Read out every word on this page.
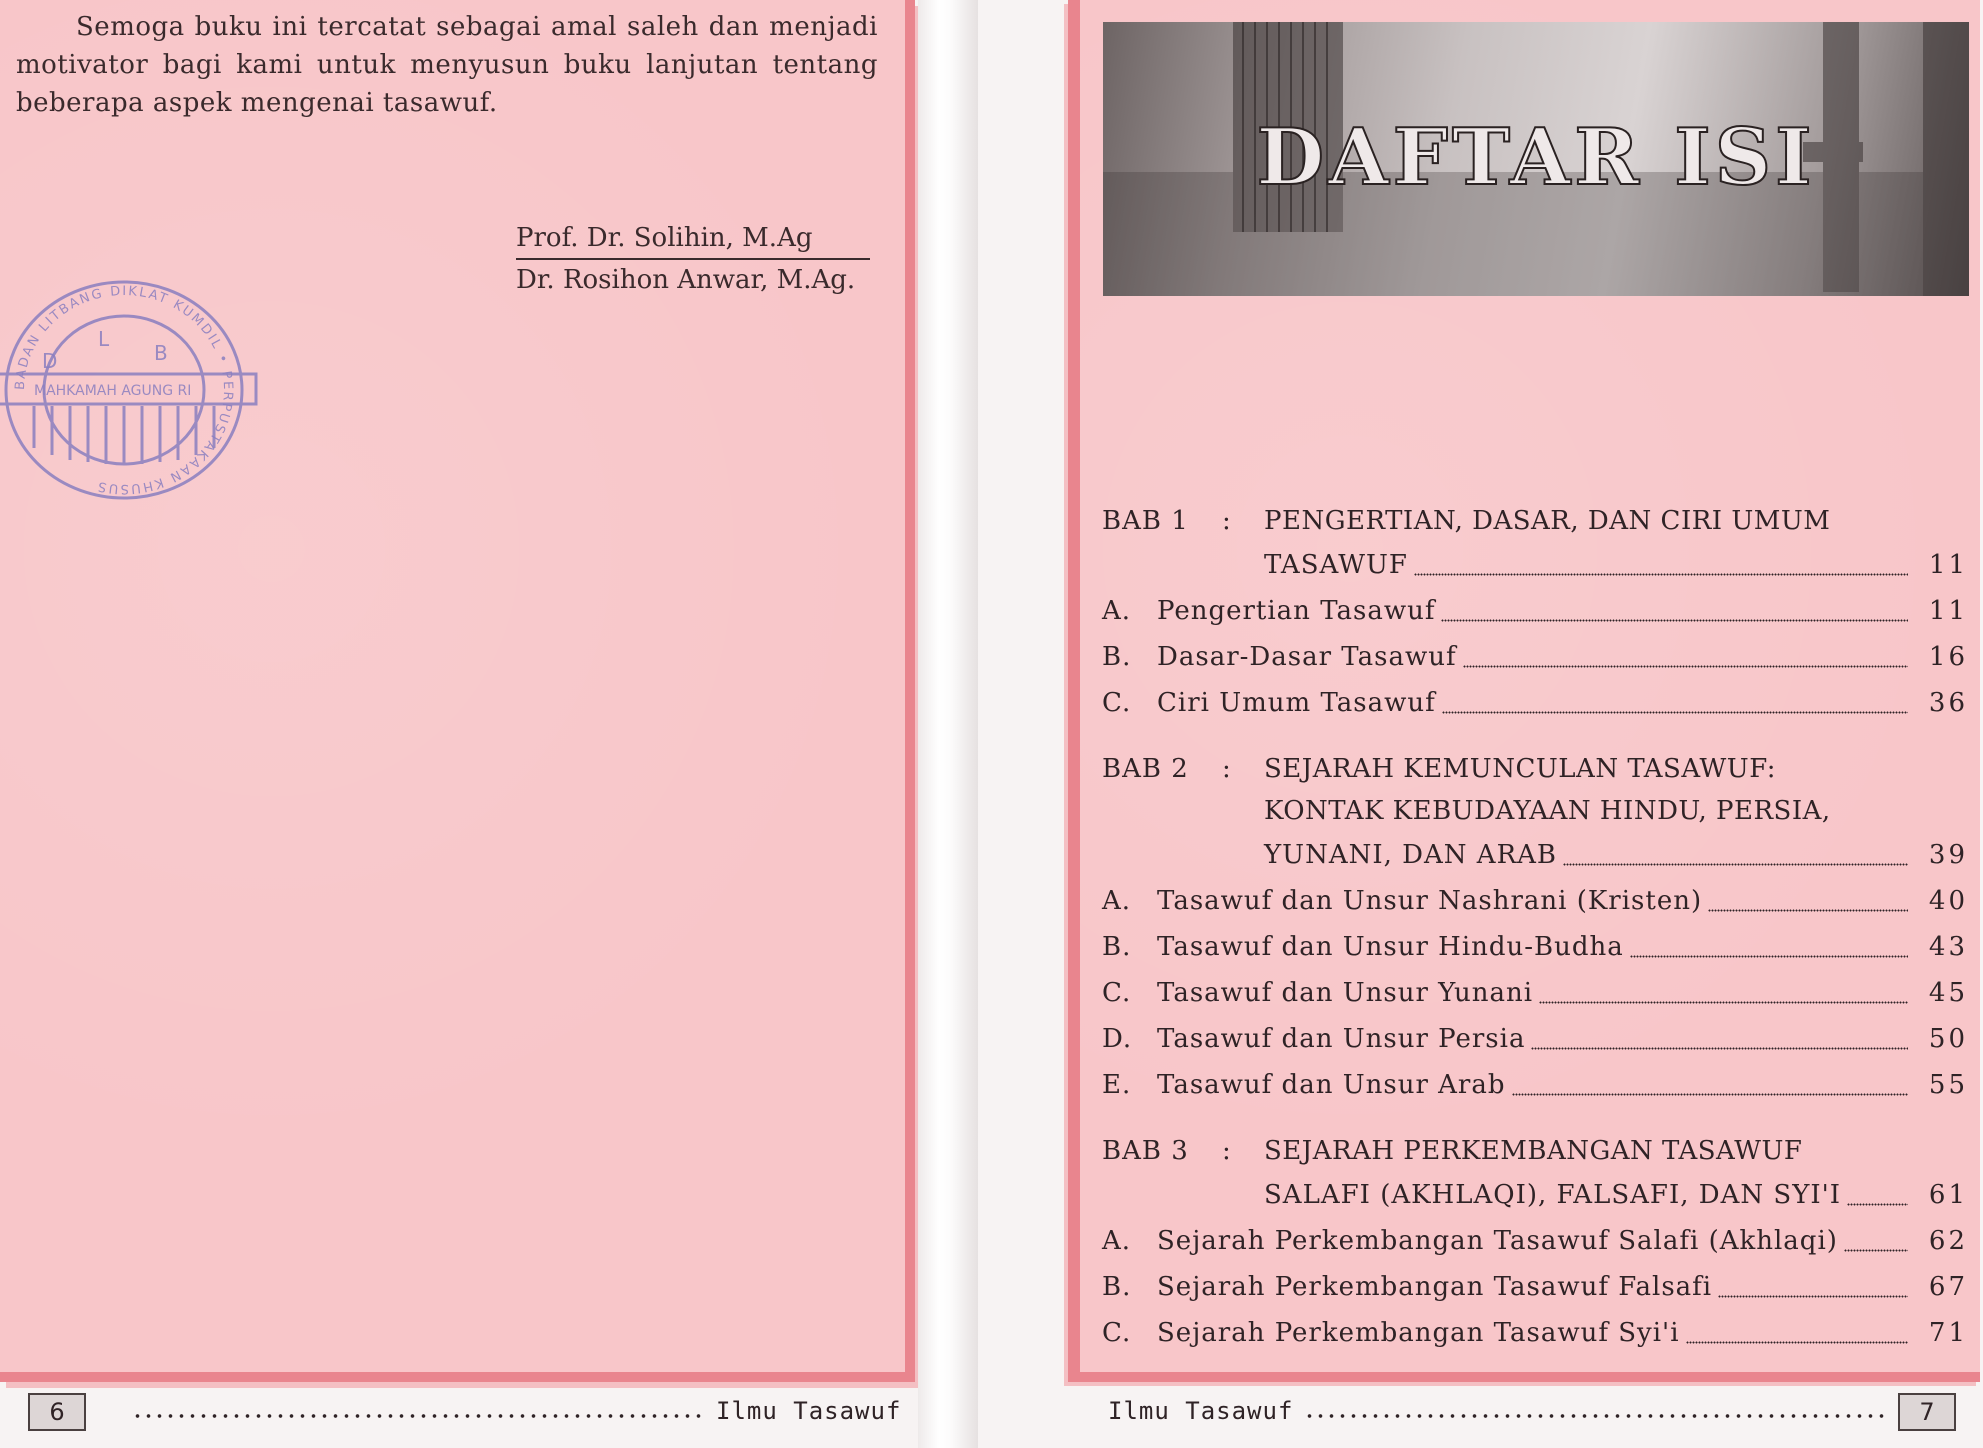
Semoga buku ini tercatat sebagai amal saleh dan menjadi motivator bagi kami untuk menyusun buku lanjutan tentang beberapa aspek mengenai tasawuf.

Prof. Dr. Solihin, M.Ag
Dr. Rosihon Anwar, M.Ag.
BADAN LITBANG DIKLAT KUMDIL • PERPUSTAKAAN KHUSUS
L
B
D
MAHKAMAH AGUNG RI
6	Ilmu Tasawuf
DAFTAR ISI
BAB 1 : PENGERTIAN, DASAR, DAN CIRI UMUM
TASAWUF	11
A. Pengertian Tasawuf	11
B. Dasar-Dasar Tasawuf	16
C. Ciri Umum Tasawuf	36
BAB 2 : SEJARAH KEMUNCULAN TASAWUF:
KONTAK KEBUDAYAAN HINDU, PERSIA,
YUNANI, DAN ARAB	39
A. Tasawuf dan Unsur Nashrani (Kristen)	40
B. Tasawuf dan Unsur Hindu-Budha	43
C. Tasawuf dan Unsur Yunani	45
D. Tasawuf dan Unsur Persia	50
E. Tasawuf dan Unsur Arab	55
BAB 3 : SEJARAH PERKEMBANGAN TASAWUF
SALAFI (AKHLAQI), FALSAFI, DAN SYI'I	61
A. Sejarah Perkembangan Tasawuf Salafi (Akhlaqi)	62
B. Sejarah Perkembangan Tasawuf Falsafi	67
C. Sejarah Perkembangan Tasawuf Syi'i	71
Ilmu Tasawuf	7
